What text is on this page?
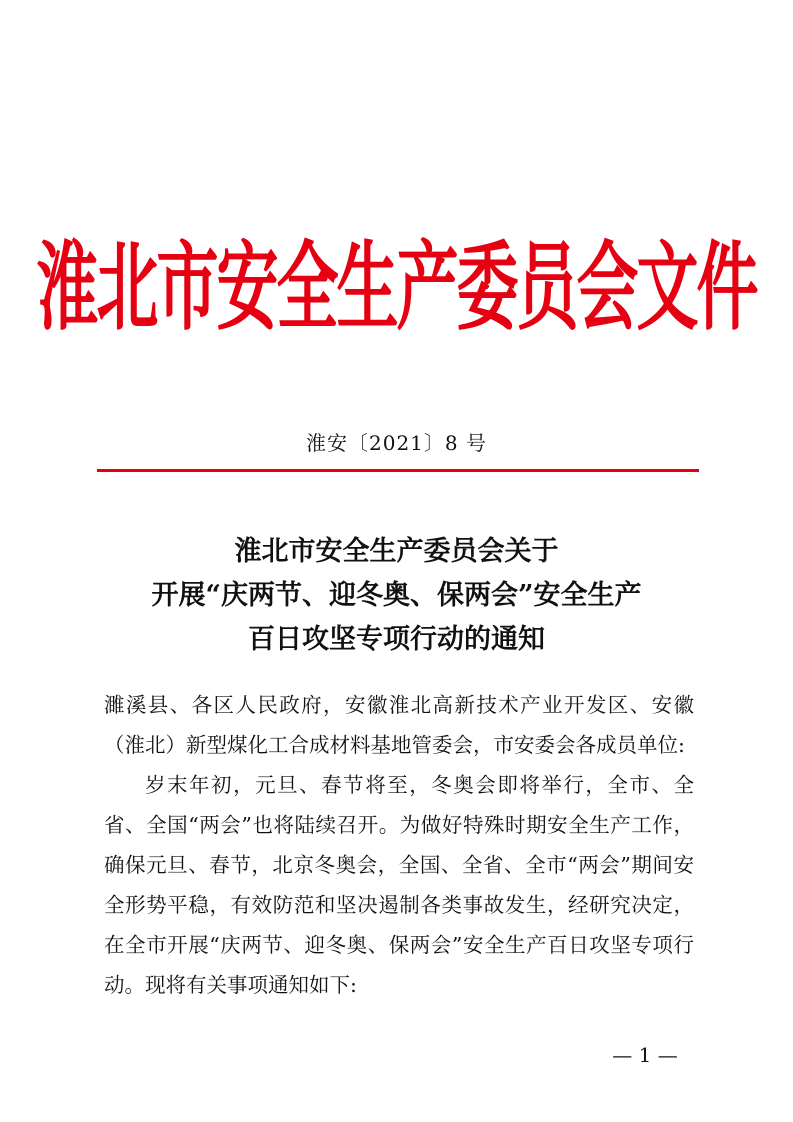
淮北市安全生产委员会文件
淮安〔2021〕8 号
淮北市安全生产委员会关于
开展“庆两节、迎冬奥、保两会”安全生产
百日攻坚专项行动的通知

濉溪县、各区人民政府，安徽淮北高新技术产业开发区、安徽（淮北）新型煤化工合成材料基地管委会，市安委会各成员单位:

岁末年初，元旦、春节将至，冬奥会即将举行，全市、全省、全国“两会”也将陆续召开。为做好特殊时期安全生产工作，确保元旦、春节，北京冬奥会，全国、全省、全市“两会”期间安全形势平稳，有效防范和坚决遏制各类事故发生，经研究决定，在全市开展“庆两节、迎冬奥、保两会”安全生产百日攻坚专项行动。现将有关事项通知如下:

— 1 —
